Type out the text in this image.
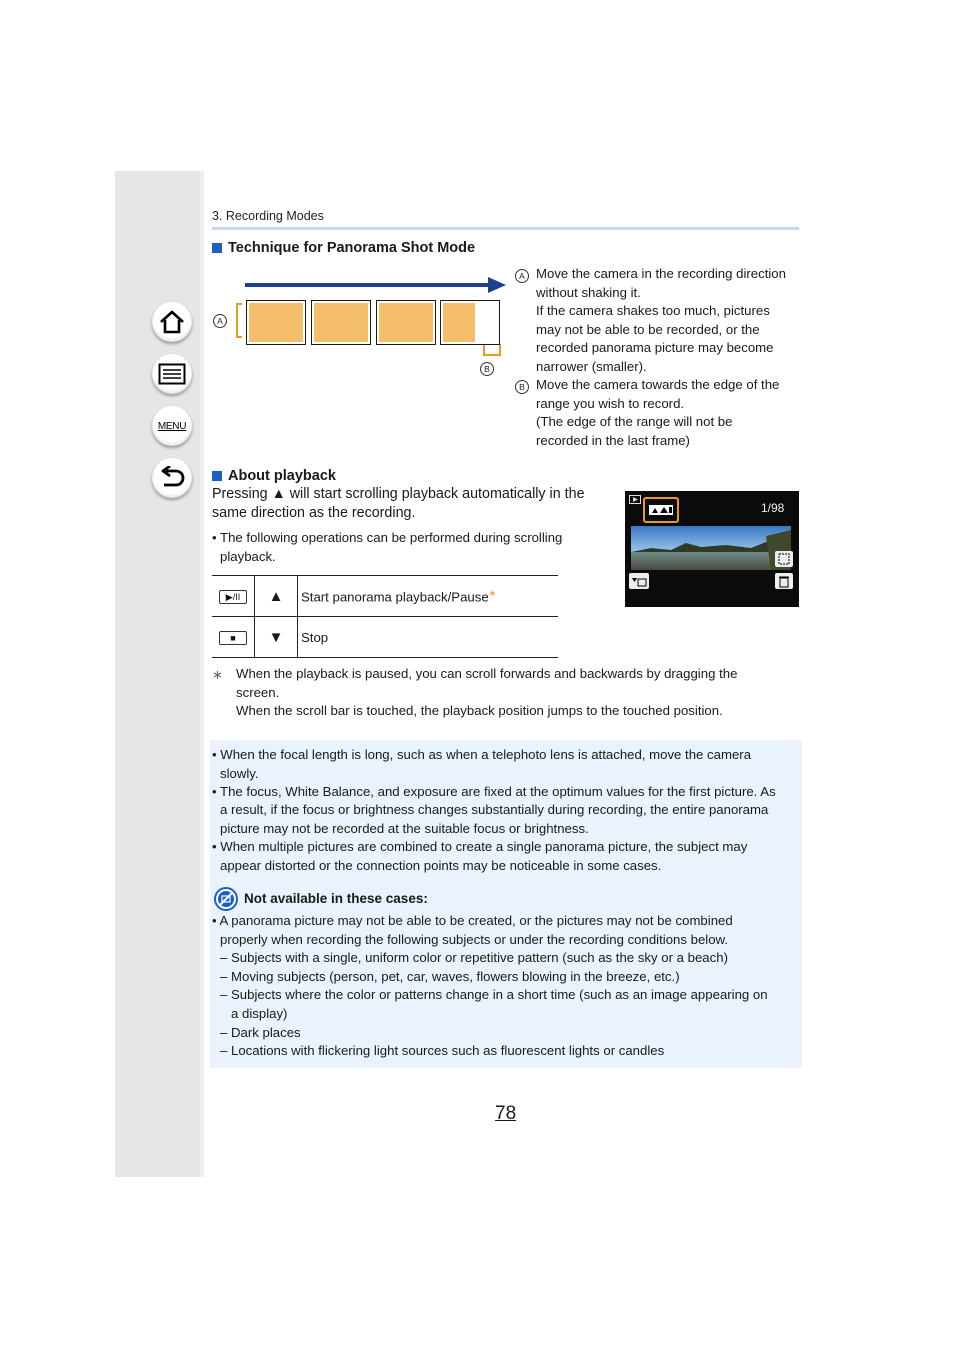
MENU
3. Recording Modes
Technique for Panorama Shot Mode
A
B
A Move the camera in the recording direction
without shaking it.
If the camera shakes too much, pictures
may not be able to be recorded, or the
recorded panorama picture may become
narrower (smaller).
B Move the camera towards the edge of the
range you wish to record.
(The edge of the range will not be
recorded in the last frame)
About playback
Pressing ▲ will start scrolling playback automatically in the
same direction as the recording.
• The following operations can be performed during scrolling
playback.
▶/II	▲	Start panorama playback/Pause∗
■	▼	Stop
1/98
∗ When the playback is paused, you can scroll forwards and backwards by dragging the
screen.
When the scroll bar is touched, the playback position jumps to the touched position.
• When the focal length is long, such as when a telephoto lens is attached, move the camera
slowly.
• The focus, White Balance, and exposure are fixed at the optimum values for the first picture. As
a result, if the focus or brightness changes substantially during recording, the entire panorama
picture may not be recorded at the suitable focus or brightness.
• When multiple pictures are combined to create a single panorama picture, the subject may
appear distorted or the connection points may be noticeable in some cases.
Not available in these cases:
• A panorama picture may not be able to be created, or the pictures may not be combined
properly when recording the following subjects or under the recording conditions below.
– Subjects with a single, uniform color or repetitive pattern (such as the sky or a beach)
– Moving subjects (person, pet, car, waves, flowers blowing in the breeze, etc.)
– Subjects where the color or patterns change in a short time (such as an image appearing on
a display)
– Dark places
– Locations with flickering light sources such as fluorescent lights or candles
78
